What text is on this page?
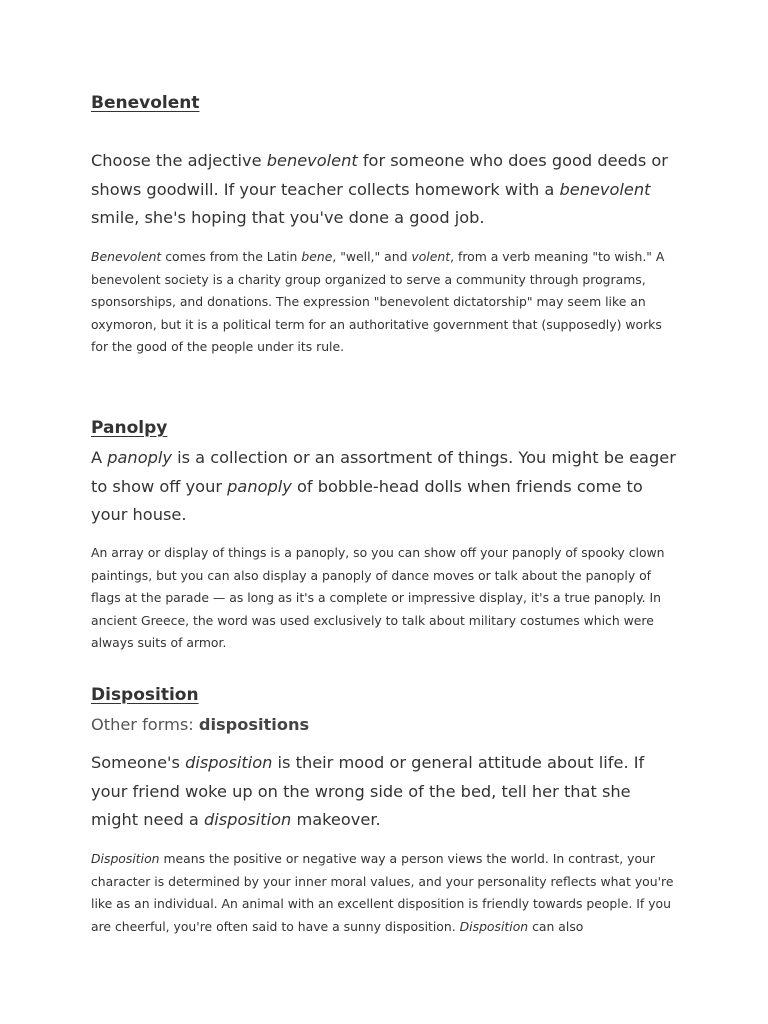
Benevolent

Choose the adjective benevolent for someone who does good deeds or shows goodwill. If your teacher collects homework with a benevolent smile, she's hoping that you've done a good job.

Benevolent comes from the Latin bene, "well," and volent, from a verb meaning "to wish." A benevolent society is a charity group organized to serve a community through programs, sponsorships, and donations. The expression "benevolent dictatorship" may seem like an oxymoron, but it is a political term for an authoritative government that (supposedly) works for the good of the people under its rule.

Panolpy

A panoply is a collection or an assortment of things. You might be eager to show off your panoply of bobble-head dolls when friends come to your house.

An array or display of things is a panoply, so you can show off your panoply of spooky clown paintings, but you can also display a panoply of dance moves or talk about the panoply of flags at the parade — as long as it's a complete or impressive display, it's a true panoply. In ancient Greece, the word was used exclusively to talk about military costumes which were always suits of armor.

Disposition

Other forms: dispositions

Someone's disposition is their mood or general attitude about life. If your friend woke up on the wrong side of the bed, tell her that she might need a disposition makeover.

Disposition means the positive or negative way a person views the world. In contrast, your character is determined by your inner moral values, and your personality reflects what you're like as an individual. An animal with an excellent disposition is friendly towards people. If you are cheerful, you're often said to have a sunny disposition. Disposition can also
